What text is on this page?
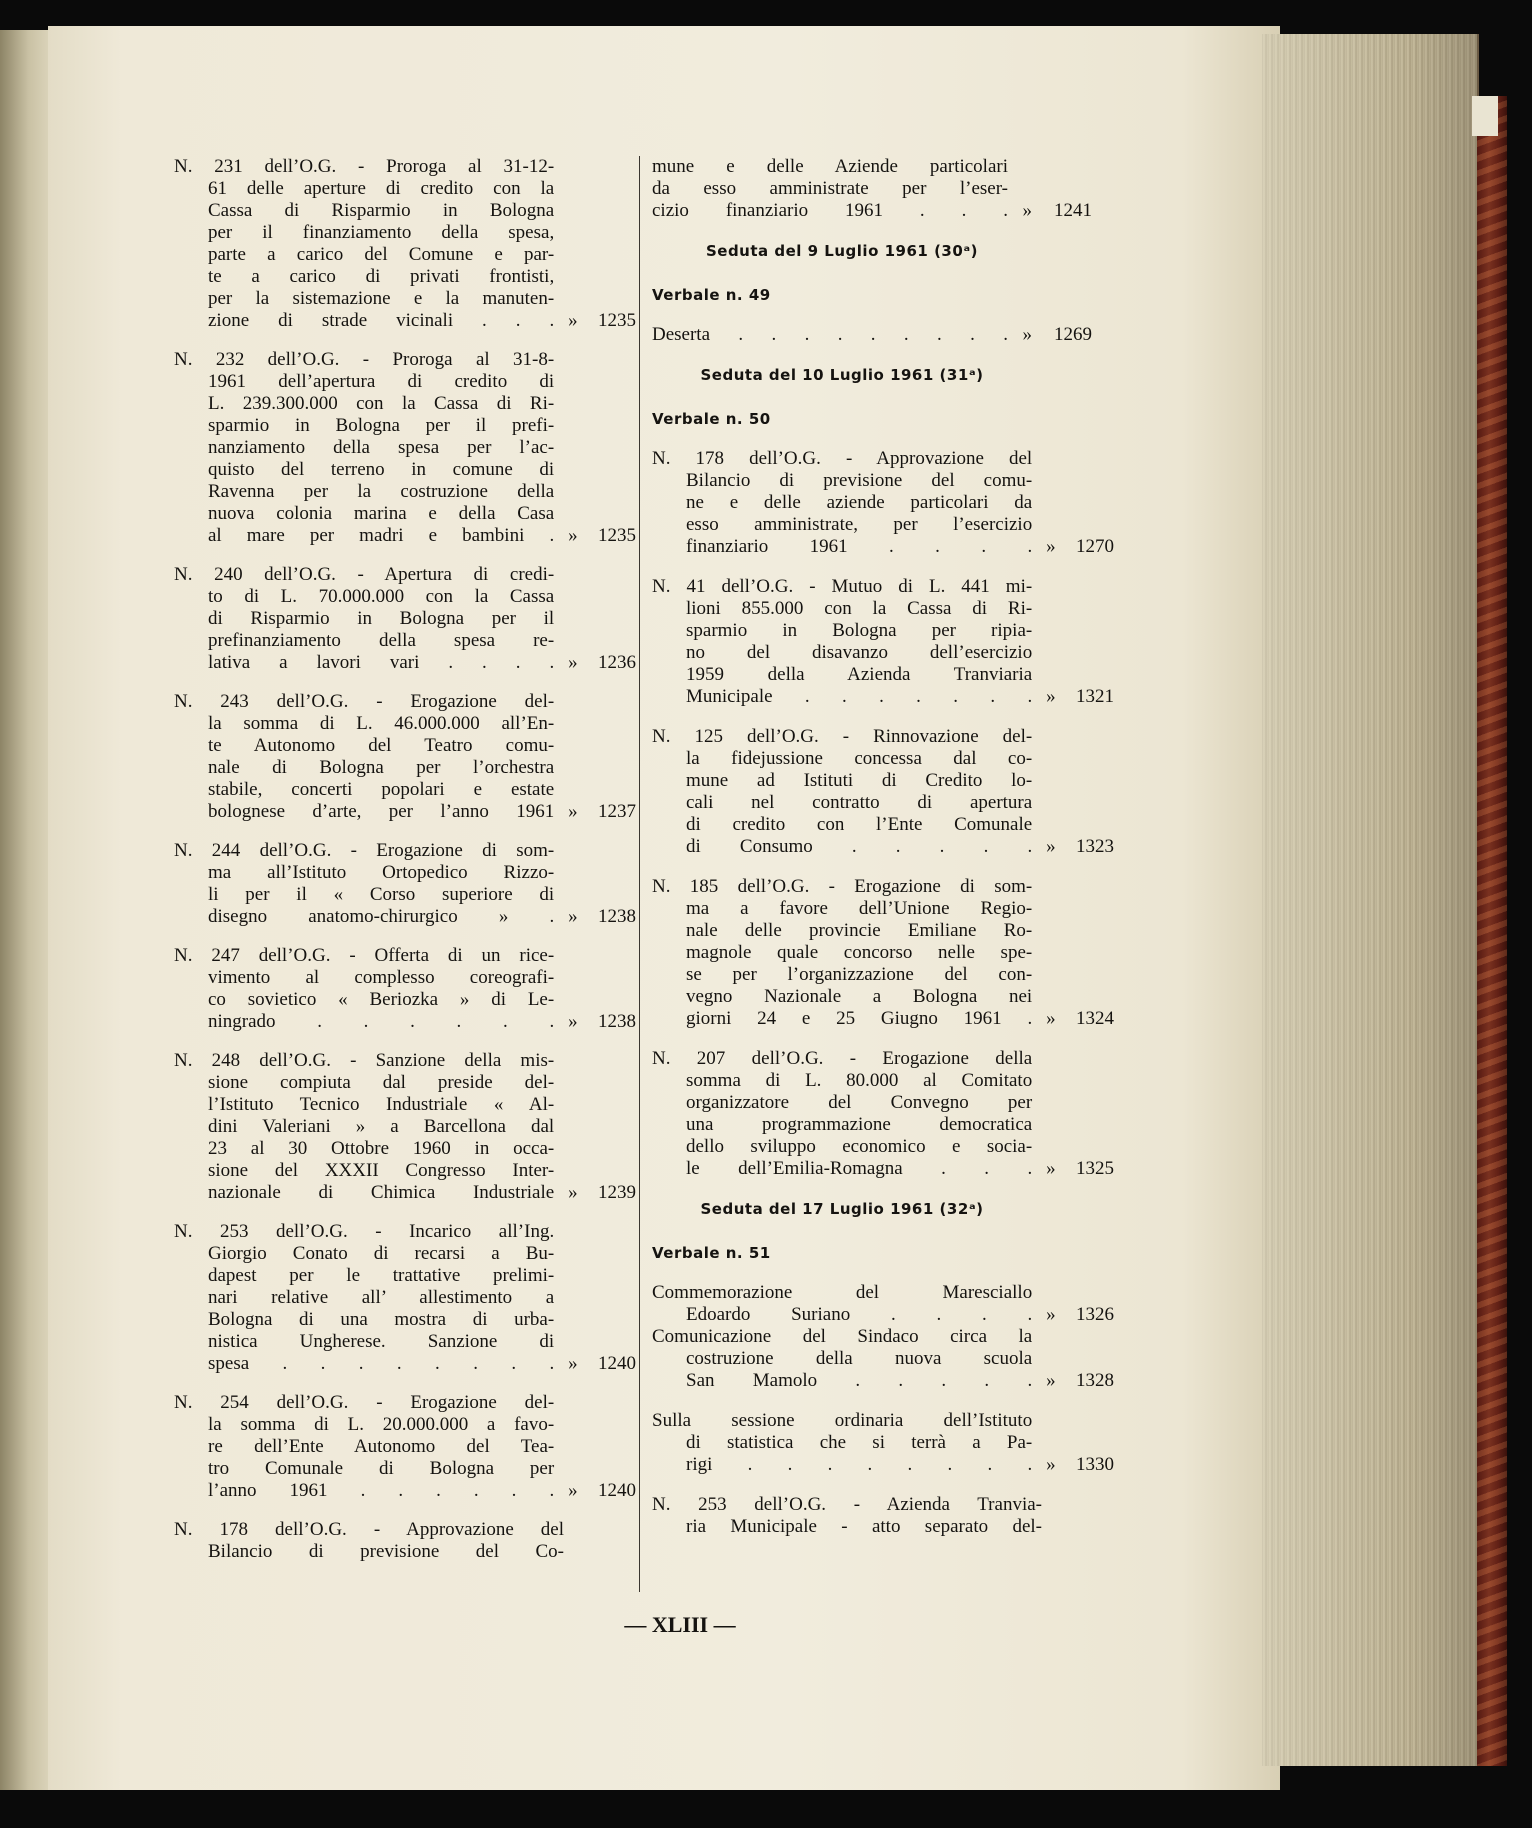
N. 231 dell’O.G. - Proroga al 31-12-
61 delle aperture di credito con la
Cassa di Risparmio in Bologna
per il finanziamento della spesa,
parte a carico del Comune e par-
te a carico di privati frontisti,
per la sistemazione e la manuten-
zione di strade vicinali . . . »	1235
N. 232 dell’O.G. - Proroga al 31-8-
1961 dell’apertura di credito di
L. 239.300.000 con la Cassa di Ri-
sparmio in Bologna per il prefi-
nanziamento della spesa per l’ac-
quisto del terreno in comune di
Ravenna per la costruzione della
nuova colonia marina e della Casa
al mare per madri e bambini . »	1235
N. 240 dell’O.G. - Apertura di credi-
to di L. 70.000.000 con la Cassa
di Risparmio in Bologna per il
prefinanziamento della spesa re-
lativa a lavori vari . . . . »	1236
N. 243 dell’O.G. - Erogazione del-
la somma di L. 46.000.000 all’En-
te Autonomo del Teatro comu-
nale di Bologna per l’orchestra
stabile, concerti popolari e estate
bolognese d’arte, per l’anno 1961 »	1237
N. 244 dell’O.G. - Erogazione di som-
ma all’Istituto Ortopedico Rizzo-
li per il « Corso superiore di
disegno anatomo-chirurgico » . »	1238
N. 247 dell’O.G. - Offerta di un rice-
vimento al complesso coreografi-
co sovietico « Beriozka » di Le-
ningrado . . . . . . »	1238
N. 248 dell’O.G. - Sanzione della mis-
sione compiuta dal preside del-
l’Istituto Tecnico Industriale « Al-
dini Valeriani » a Barcellona dal
23 al 30 Ottobre 1960 in occa-
sione del XXXII Congresso Inter-
nazionale di Chimica Industriale »	1239
N. 253 dell’O.G. - Incarico all’Ing.
Giorgio Conato di recarsi a Bu-
dapest per le trattative prelimi-
nari relative all’ allestimento a
Bologna di una mostra di urba-
nistica Ungherese. Sanzione di
spesa . . . . . . . . »	1240
N. 254 dell’O.G. - Erogazione del-
la somma di L. 20.000.000 a favo-
re dell’Ente Autonomo del Tea-
tro Comunale di Bologna per
l’anno 1961 . . . . . . »	1240
N. 178 dell’O.G. - Approvazione del
Bilancio di previsione del Co-
mune e delle Aziende particolari
da esso amministrate per l’eser-
cizio finanziario 1961 . . . »	1241
Seduta del 9 Luglio 1961 (30ᵃ)
Verbale n. 49
Deserta . . . . . . . . . »	1269
Seduta del 10 Luglio 1961 (31ᵃ)
Verbale n. 50
N. 178 dell’O.G. - Approvazione del
Bilancio di previsione del comu-
ne e delle aziende particolari da
esso amministrate, per l’esercizio
finanziario 1961 . . . . »	1270
N. 41 dell’O.G. - Mutuo di L. 441 mi-
lioni 855.000 con la Cassa di Ri-
sparmio in Bologna per ripia-
no del disavanzo dell’esercizio
1959 della Azienda Tranviaria
Municipale . . . . . . . »	1321
N. 125 dell’O.G. - Rinnovazione del-
la fidejussione concessa dal co-
mune ad Istituti di Credito lo-
cali nel contratto di apertura
di credito con l’Ente Comunale
di Consumo . . . . . »	1323
N. 185 dell’O.G. - Erogazione di som-
ma a favore dell’Unione Regio-
nale delle provincie Emiliane Ro-
magnole quale concorso nelle spe-
se per l’organizzazione del con-
vegno Nazionale a Bologna nei
giorni 24 e 25 Giugno 1961 . »	1324
N. 207 dell’O.G. - Erogazione della
somma di L. 80.000 al Comitato
organizzatore del Convegno per
una programmazione democratica
dello sviluppo economico e socia-
le dell’Emilia-Romagna . . . »	1325
Seduta del 17 Luglio 1961 (32ᵃ)
Verbale n. 51
Commemorazione del Maresciallo
Edoardo Suriano . . . . »	1326
Comunicazione del Sindaco circa la
costruzione della nuova scuola
San Mamolo . . . . . »	1328
Sulla sessione ordinaria dell’Istituto
di statistica che si terrà a Pa-
rigi . . . . . . . . »	1330
N. 253 dell’O.G. - Azienda Tranvia-
ria Municipale - atto separato del-
— XLIII —
